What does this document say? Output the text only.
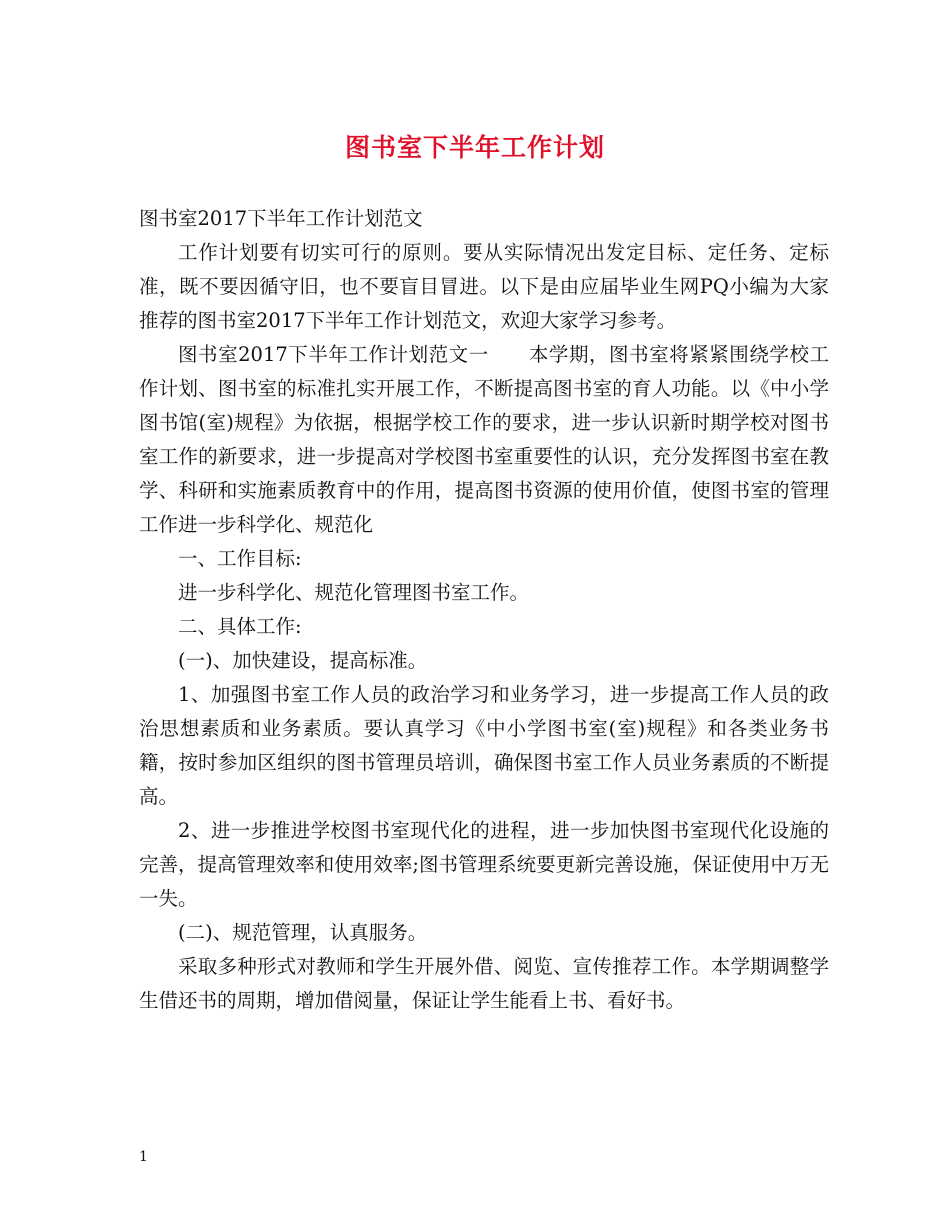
图书室下半年工作计划

图书室2017下半年工作计划范文

工作计划要有切实可行的原则。要从实际情况出发定目标、定任务、定标准，既不要因循守旧，也不要盲目冒进。以下是由应届毕业生网PQ小编为大家推荐的图书室2017下半年工作计划范文，欢迎大家学习参考。

图书室2017下半年工作计划范文一　　本学期，图书室将紧紧围绕学校工作计划、图书室的标准扎实开展工作，不断提高图书室的育人功能。以《中小学图书馆(室)规程》为依据，根据学校工作的要求，进一步认识新时期学校对图书室工作的新要求，进一步提高对学校图书室重要性的认识，充分发挥图书室在教学、科研和实施素质教育中的作用，提高图书资源的使用价值，使图书室的管理工作进一步科学化、规范化

一、工作目标:

进一步科学化、规范化管理图书室工作。

二、具体工作:

(一)、加快建设，提高标准。

1、加强图书室工作人员的政治学习和业务学习，进一步提高工作人员的政治思想素质和业务素质。要认真学习《中小学图书室(室)规程》和各类业务书籍，按时参加区组织的图书管理员培训，确保图书室工作人员业务素质的不断提高。

2、进一步推进学校图书室现代化的进程，进一步加快图书室现代化设施的完善，提高管理效率和使用效率;图书管理系统要更新完善设施，保证使用中万无一失。

(二)、规范管理，认真服务。

采取多种形式对教师和学生开展外借、阅览、宣传推荐工作。本学期调整学生借还书的周期，增加借阅量，保证让学生能看上书、看好书。

1
